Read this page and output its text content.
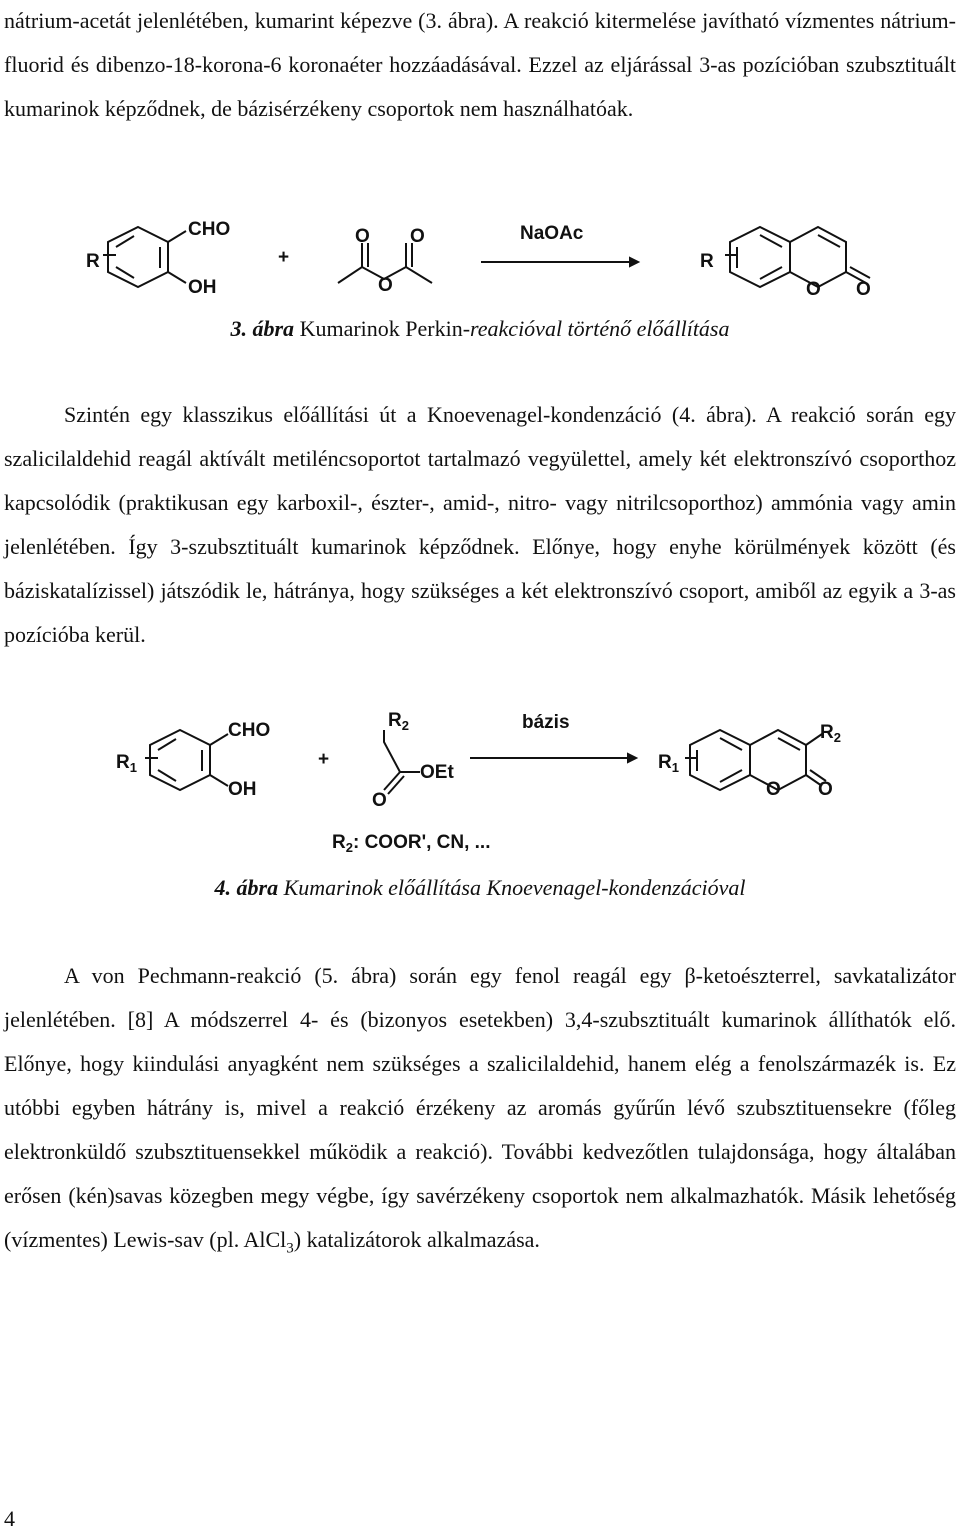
nátrium-acetát jelenlétében, kumarint képezve (3. ábra). A reakció kitermelése javítható vízmentes nátrium-fluorid és dibenzo-18-korona-6 koronaéter hozzáadásával. Ezzel az eljárással 3-as pozícióban szubsztituált kumarinok képződnek, de bázisérzékeny csoportok nem használhatóak.
R
CHO
OH
+
O O
O
NaOAc
R
O O
3. ábra Kumarinok Perkin-reakcióval történő előállítása
Szintén egy klasszikus előállítási út a Knoevenagel-kondenzáció (4. ábra). A reakció során egy szalicilaldehid reagál aktívált metiléncsoportot tartalmazó vegyülettel, amely két elektronszívó csoporthoz kapcsolódik (praktikusan egy karboxil-, észter-, amid-, nitro- vagy nitrilcsoporthoz) ammónia vagy amin jelenlétében. Így 3-szubsztituált kumarinok képződnek. Előnye, hogy enyhe körülmények között (és báziskatalízissel) játszódik le, hátránya, hogy szükséges a két elektronszívó csoport, amiből az egyik a 3-as pozícióba kerül.
$R_1$
CHO
OH
+
$R_2$
OEt
O
bázis
$R_1$
$R_2$
O O
$R_2$: COOR', CN, ...
4. ábra Kumarinok előállítása Knoevenagel-kondenzációval
A von Pechmann-reakció (5. ábra) során egy fenol reagál egy β-ketoészterrel, savkatalizátor jelenlétében. [8] A módszerrel 4- és (bizonyos esetekben) 3,4-szubsztituált kumarinok állíthatók elő. Előnye, hogy kiindulási anyagként nem szükséges a szalicilaldehid, hanem elég a fenolszármazék is. Ez utóbbi egyben hátrány is, mivel a reakció érzékeny az aromás gyűrűn lévő szubsztituensekre (főleg elektronküldő szubsztituensekkel működik a reakció). További kedvezőtlen tulajdonsága, hogy általában erősen (kén)savas közegben megy végbe, így savérzékeny csoportok nem alkalmazhatók. Másik lehetőség (vízmentes) Lewis-sav (pl. AlCl$_3$) katalizátorok alkalmazása.
4
